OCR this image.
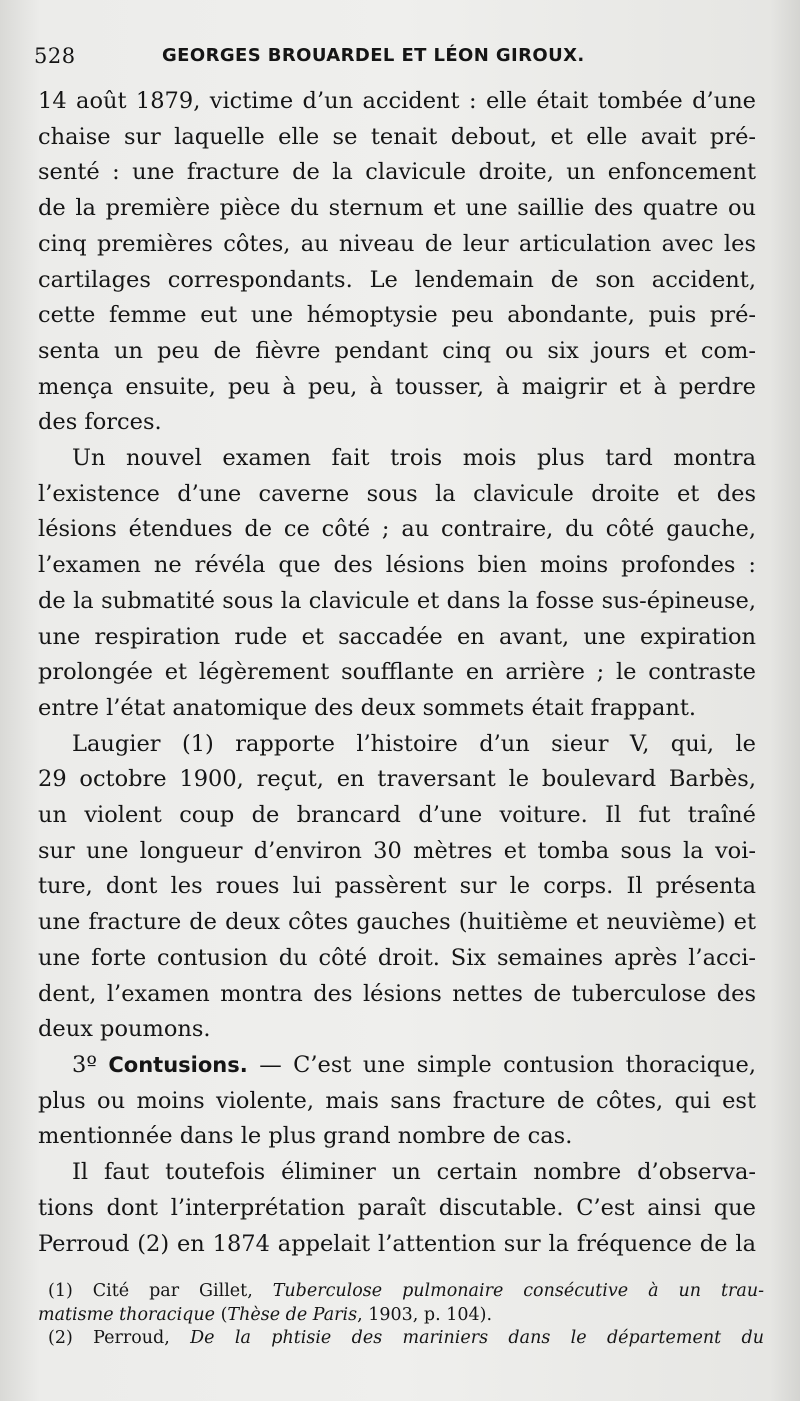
528	GEORGES BROUARDEL ET LÉON GIROUX.
14 août 1879, victime d’un accident : elle était tombée d’une
chaise sur laquelle elle se tenait debout, et elle avait pré-
senté : une fracture de la clavicule droite, un enfoncement
de la première pièce du sternum et une saillie des quatre ou
cinq premières côtes, au niveau de leur articulation avec les
cartilages correspondants. Le lendemain de son accident,
cette femme eut une hémoptysie peu abondante, puis pré-
senta un peu de fièvre pendant cinq ou six jours et com-
mença ensuite, peu à peu, à tousser, à maigrir et à perdre
des forces.
Un nouvel examen fait trois mois plus tard montra
l’existence d’une caverne sous la clavicule droite et des
lésions étendues de ce côté ; au contraire, du côté gauche,
l’examen ne révéla que des lésions bien moins profondes :
de la submatité sous la clavicule et dans la fosse sus-épineuse,
une respiration rude et saccadée en avant, une expiration
prolongée et légèrement soufflante en arrière ; le contraste
entre l’état anatomique des deux sommets était frappant.
Laugier (1) rapporte l’histoire d’un sieur V, qui, le
29 octobre 1900, reçut, en traversant le boulevard Barbès,
un violent coup de brancard d’une voiture. Il fut traîné
sur une longueur d’environ 30 mètres et tomba sous la voi-
ture, dont les roues lui passèrent sur le corps. Il présenta
une fracture de deux côtes gauches (huitième et neuvième) et
une forte contusion du côté droit. Six semaines après l’acci-
dent, l’examen montra des lésions nettes de tuberculose des
deux poumons.
3º Contusions. — C’est une simple contusion thoracique,
plus ou moins violente, mais sans fracture de côtes, qui est
mentionnée dans le plus grand nombre de cas.
Il faut toutefois éliminer un certain nombre d’observa-
tions dont l’interprétation paraît discutable. C’est ainsi que
Perroud (2) en 1874 appelait l’attention sur la fréquence de la
(1) Cité par Gillet, Tuberculose pulmonaire consécutive à un trau-
matisme thoracique (Thèse de Paris, 1903, p. 104).
(2) Perroud, De la phtisie des mariniers dans le département du
